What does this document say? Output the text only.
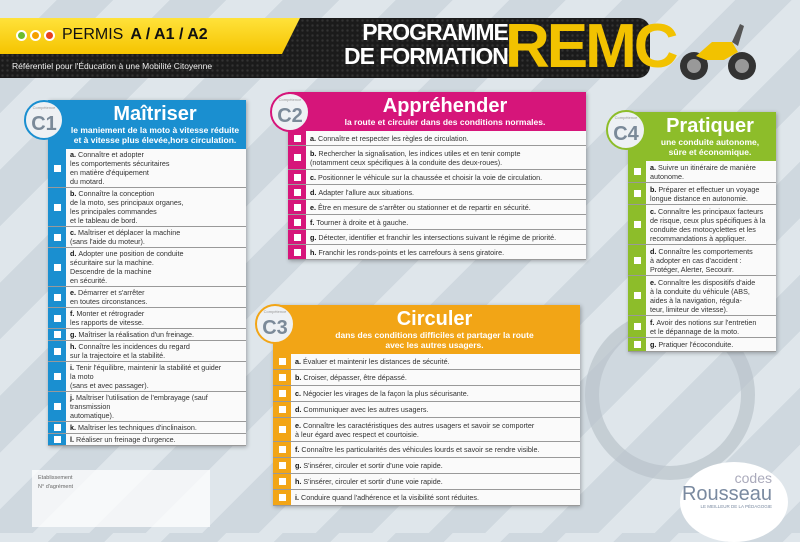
PERMIS A / A1 / A2
Référentiel pour l'Éducation à une Mobilité Citoyenne
PROGRAMME
DE FORMATION
REMC
Maîtriser
le maniement de la moto à vitesse réduite
et à vitesse plus élevée,hors circulation.
a. Connaître et adopter
les comportements sécuritaires
en matière d'équipement
du motard.
b. Connaître la conception
de la moto, ses principaux organes,
les principales commandes
et le tableau de bord.
c. Maîtriser et déplacer la machine
(sans l'aide du moteur).
d. Adopter une position de conduite
sécuritaire sur la machine.
Descendre de la machine
en sécurité.
e. Démarrer et s'arrêter
en toutes circonstances.
f. Monter et rétrograder
les rapports de vitesse.
g. Maîtriser la réalisation d'un freinage.
h. Connaître les incidences du regard
sur la trajectoire et la stabilité.
i. Tenir l'équilibre, maintenir la stabilité et guider
la moto
(sans et avec passager).
j. Maîtriser l'utilisation de l'embrayage (sauf
transmission
automatique).
k. Maîtriser les techniques d'inclinaison.
l. Réaliser un freinage d'urgence.
Compétence
C1
Appréhender
la route et circuler dans des conditions normales.
a. Connaître et respecter les règles de circulation.
b. Rechercher la signalisation, les indices utiles et en tenir compte
(notamment ceux spécifiques à la conduite des deux-roues).
c. Positionner le véhicule sur la chaussée et choisir la voie de circulation.
d. Adapter l'allure aux situations.
e. Être en mesure de s'arrêter ou stationner et de repartir en sécurité.
f. Tourner à droite et à gauche.
g. Détecter, identifier et franchir les intersections suivant le régime de priorité.
h. Franchir les ronds-points et les carrefours à sens giratoire.
Compétence
C2
Circuler
dans des conditions difficiles et partager la route
avec les autres usagers.
a. Évaluer et maintenir les distances de sécurité.
b. Croiser, dépasser, être dépassé.
c. Négocier les virages de la façon la plus sécurisante.
d. Communiquer avec les autres usagers.
e. Connaître les caractéristiques des autres usagers et savoir se comporter
à leur égard avec respect et courtoisie.
f. Connaître les particularités des véhicules lourds et savoir se rendre visible.
g. S'insérer, circuler et sortir d'une voie rapide.
h. S'insérer, circuler et sortir d'une voie rapide.
i. Conduire quand l'adhérence et la visibilité sont réduites.
Compétence
C3
Pratiquer
une conduite autonome,
sûre et économique.
a. Suivre un itinéraire de manière
autonome.
b. Préparer et effectuer un voyage
longue distance en autonomie.
c. Connaître les principaux facteurs
de risque, ceux plus spécifiques à la
conduite des motocyclettes et les
recommandations à appliquer.
d. Connaître les comportements
à adopter en cas d'accident :
Protéger, Alerter, Secourir.
e. Connaître les dispositifs d'aide
à la conduite du véhicule (ABS,
aides à la navigation, régula-
teur, limiteur de vitesse).
f. Avoir des notions sur l'entretien
et le dépannage de la moto.
g. Pratiquer l'écoconduite.
Compétence
C4
Etablissement
N° d'agrément
codes
Rousseau
LE MEILLEUR DE LA PÉDAGOGIE
